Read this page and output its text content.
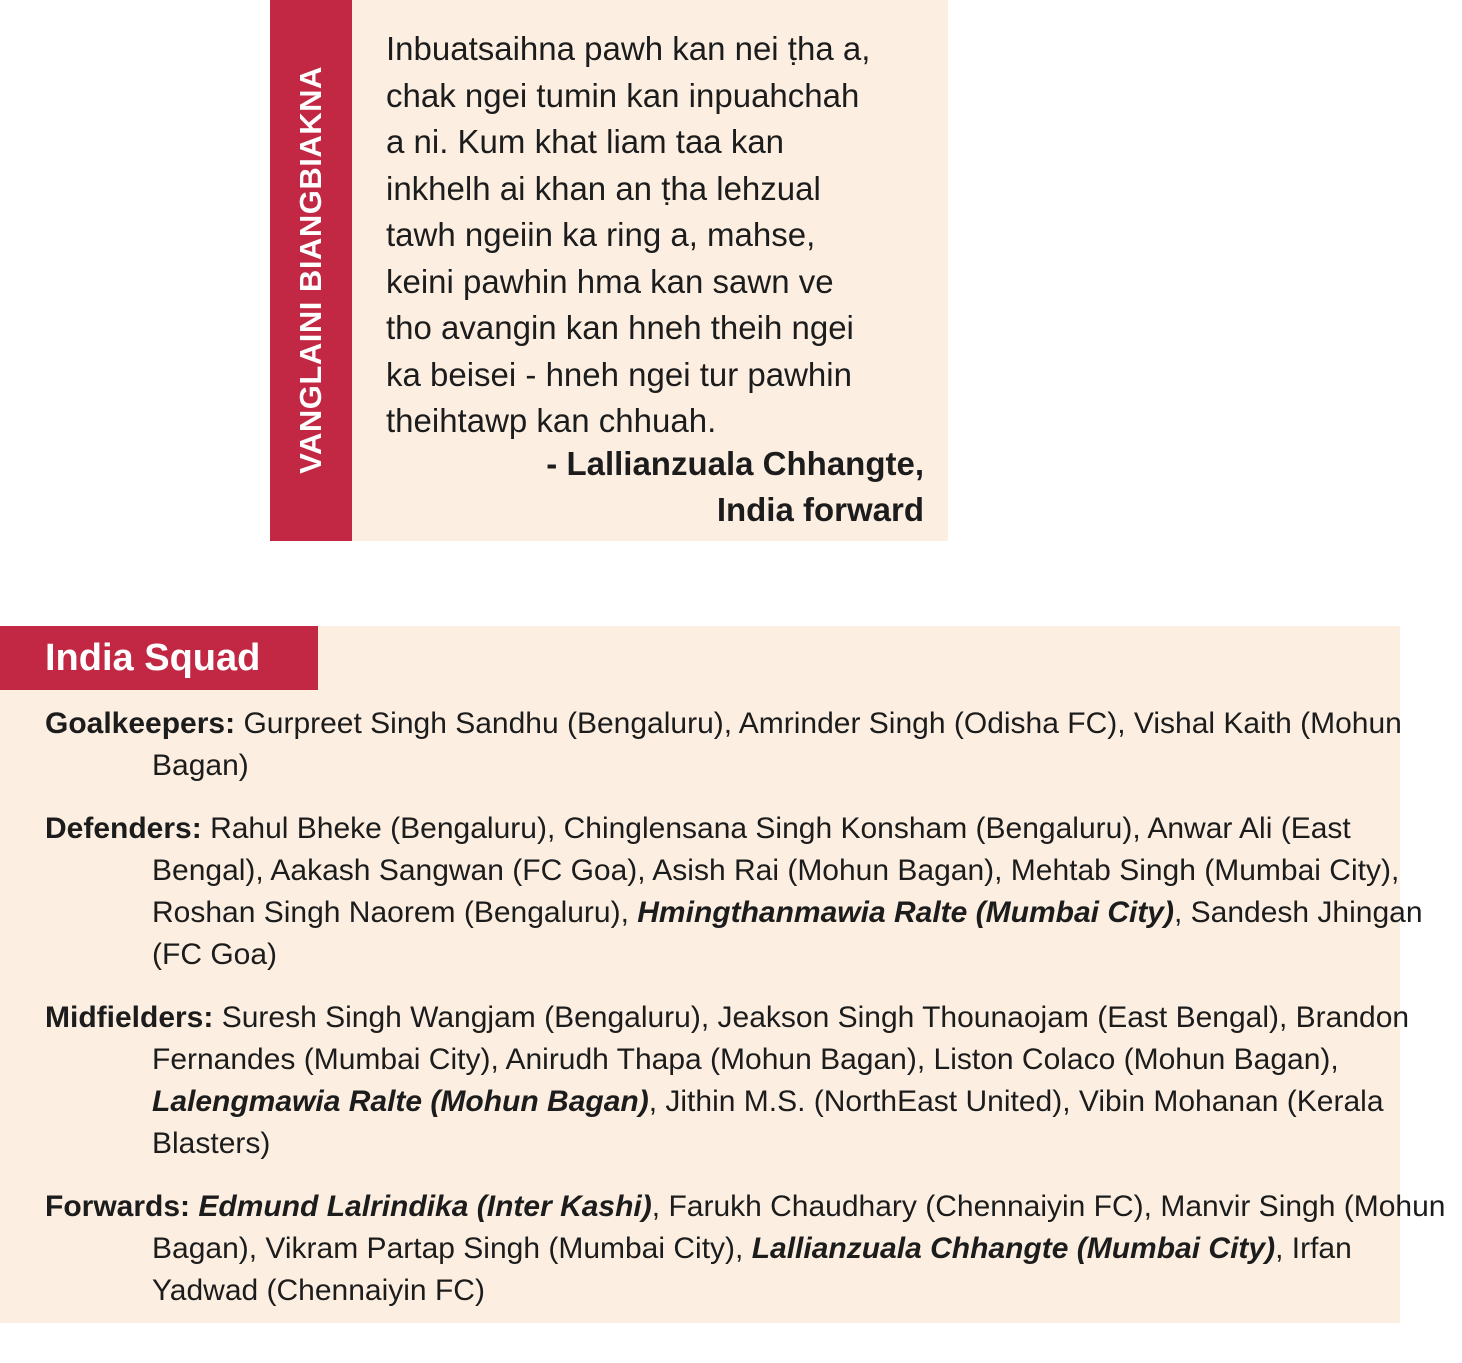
VANGLAINI BIANGBIAKNA

Inbuatsaihna pawh kan nei ṭha a,
chak ngei tumin kan inpuahchah
a ni. Kum khat liam taa kan
inkhelh ai khan an ṭha lehzual
tawh ngeiin ka ring a, mahse,
keini pawhin hma kan sawn ve
tho avangin kan hneh theih ngei
ka beisei - hneh ngei tur pawhin
theihtawp kan chhuah.

- Lallianzuala Chhangte,
India forward

India Squad

Goalkeepers: Gurpreet Singh Sandhu (Bengaluru), Amrinder Singh (Odisha FC), Vishal Kaith (Mohun Bagan)

Defenders: Rahul Bheke (Bengaluru), Chinglensana Singh Konsham (Bengaluru), Anwar Ali (East Bengal), Aakash Sangwan (FC Goa), Asish Rai (Mohun Bagan), Mehtab Singh (Mumbai City), Roshan Singh Naorem (Bengaluru), Hmingthanmawia Ralte (Mumbai City), Sandesh Jhingan (FC Goa)

Midfielders: Suresh Singh Wangjam (Bengaluru), Jeakson Singh Thounaojam (East Bengal), Brandon Fernandes (Mumbai City), Anirudh Thapa (Mohun Bagan), Liston Colaco (Mohun Bagan), Lalengmawia Ralte (Mohun Bagan), Jithin M.S. (NorthEast United), Vibin Mohanan (Kerala Blasters)

Forwards: Edmund Lalrindika (Inter Kashi), Farukh Chaudhary (Chennaiyin FC), Manvir Singh (Mohun Bagan), Vikram Partap Singh (Mumbai City), Lallianzuala Chhangte (Mumbai City), Irfan Yadwad (Chennaiyin FC)
